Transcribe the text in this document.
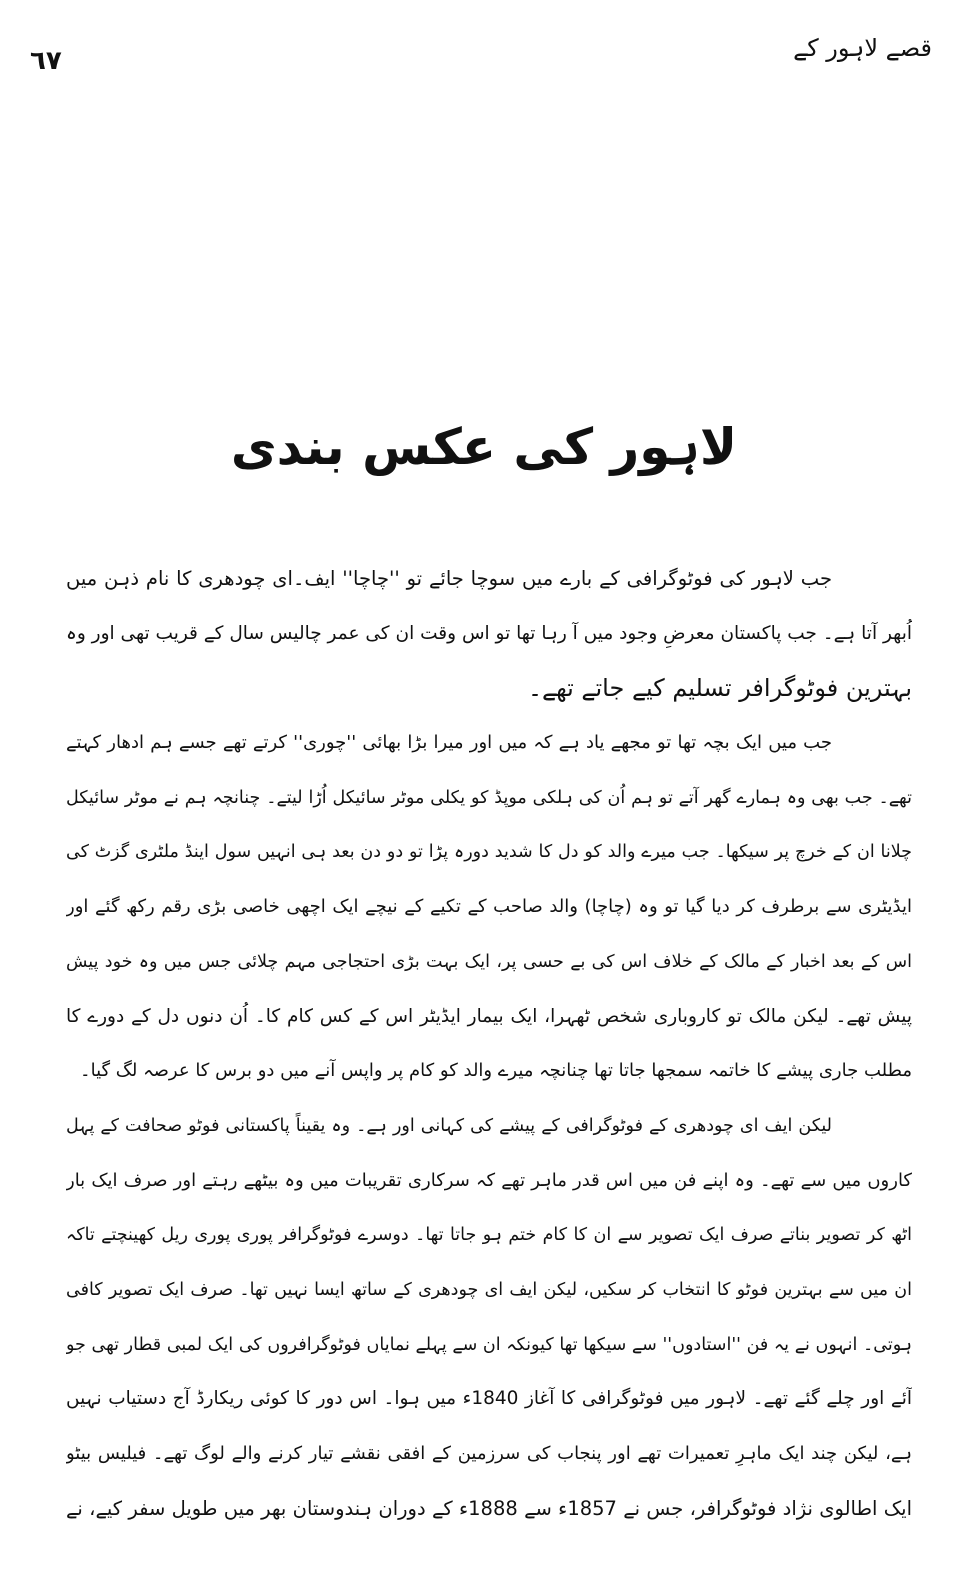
قصے لاہور کے
٦٧
لاہور کی عکس بندی
جب لاہور کی فوٹوگرافی کے بارے میں سوچا جائے تو ''چاچا'' ایف۔ای چودھری کا نام ذہن میں
اُبھر آتا ہے۔ جب پاکستان معرضِ وجود میں آ رہا تھا تو اس وقت ان کی عمر چالیس سال کے قریب تھی اور وہ
بہترین فوٹوگرافر تسلیم کیے جاتے تھے۔
جب میں ایک بچہ تھا تو مجھے یاد ہے کہ میں اور میرا بڑا بھائی ''چوری'' کرتے تھے جسے ہم ادھار کہتے
تھے۔ جب بھی وہ ہمارے گھر آتے تو ہم اُن کی ہلکی موپڈ کو یکلی موٹر سائیکل اُڑا لیتے۔ چنانچہ ہم نے موٹر سائیکل
چلانا ان کے خرچ پر سیکھا۔ جب میرے والد کو دل کا شدید دورہ پڑا تو دو دن بعد ہی انہیں سول اینڈ ملٹری گزٹ کی
ایڈیٹری سے برطرف کر دیا گیا تو وہ (چاچا) والد صاحب کے تکیے کے نیچے ایک اچھی خاصی بڑی رقم رکھ گئے اور
اس کے بعد اخبار کے مالک کے خلاف اس کی بے حسی پر، ایک بہت بڑی احتجاجی مہم چلائی جس میں وہ خود پیش
پیش تھے۔ لیکن مالک تو کاروباری شخص ٹھہرا، ایک بیمار ایڈیٹر اس کے کس کام کا۔ اُن دنوں دل کے دورے کا
مطلب جاری پیشے کا خاتمہ سمجھا جاتا تھا چنانچہ میرے والد کو کام پر واپس آنے میں دو برس کا عرصہ لگ گیا۔
لیکن ایف ای چودھری کے فوٹوگرافی کے پیشے کی کہانی اور ہے۔ وہ یقیناً پاکستانی فوٹو صحافت کے پہل
کاروں میں سے تھے۔ وہ اپنے فن میں اس قدر ماہر تھے کہ سرکاری تقریبات میں وہ بیٹھے رہتے اور صرف ایک بار
اٹھ کر تصویر بناتے صرف ایک تصویر سے ان کا کام ختم ہو جاتا تھا۔ دوسرے فوٹوگرافر پوری پوری ریل کھینچتے تاکہ
ان میں سے بہترین فوٹو کا انتخاب کر سکیں، لیکن ایف ای چودھری کے ساتھ ایسا نہیں تھا۔ صرف ایک تصویر کافی
ہوتی۔ انہوں نے یہ فن ''استادوں'' سے سیکھا تھا کیونکہ ان سے پہلے نمایاں فوٹوگرافروں کی ایک لمبی قطار تھی جو
آئے اور چلے گئے تھے۔ لاہور میں فوٹوگرافی کا آغاز 1840ء میں ہوا۔ اس دور کا کوئی ریکارڈ آج دستیاب نہیں
ہے، لیکن چند ایک ماہرِ تعمیرات تھے اور پنجاب کی سرزمین کے افقی نقشے تیار کرنے والے لوگ تھے۔ فیلیس بیٹو
ایک اطالوی نژاد فوٹوگرافر، جس نے 1857ء سے 1888ء کے دوران ہندوستان بھر میں طویل سفر کیے، نے
